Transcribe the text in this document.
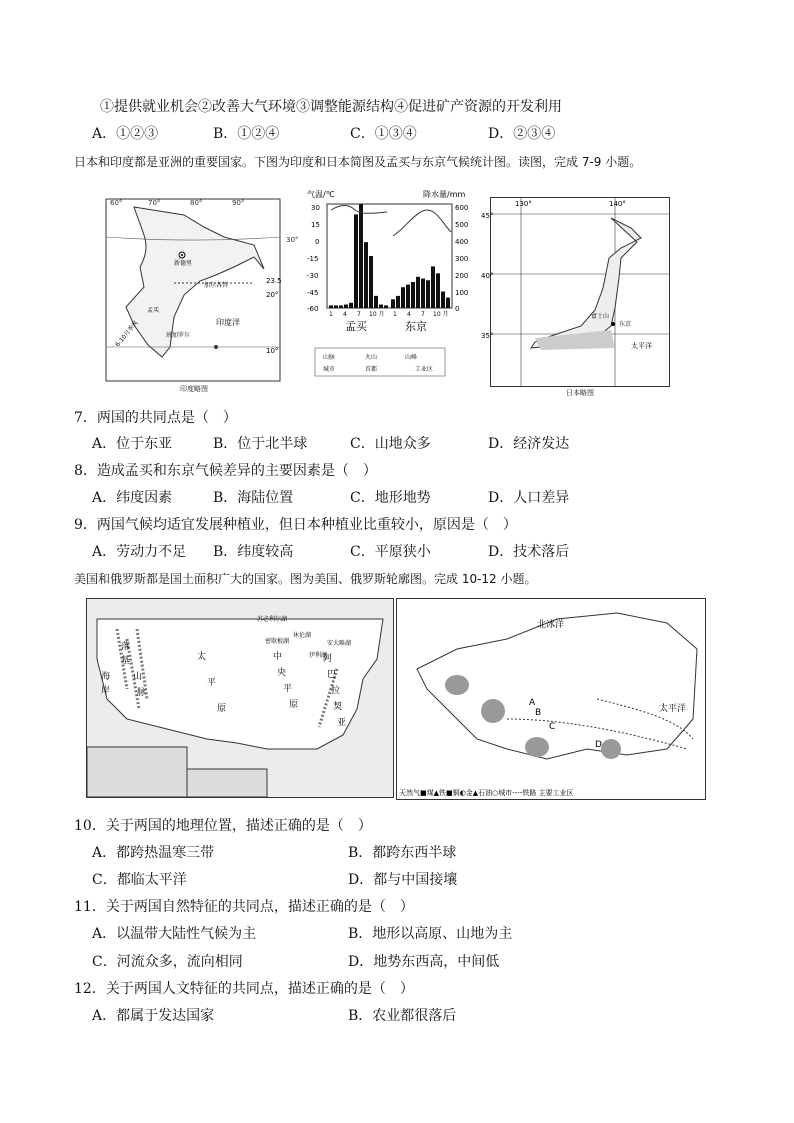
①提供就业机会②改善大气环境③调整能源结构④促进矿产资源的开发利用
A．①②③	B．①②④	C．①③④	D．②③④
日本和印度都是亚洲的重要国家。下图为印度和日本简图及孟买与东京气候统计图。读图，完成 7-9 小题。
60°	70°	80°	90°
30°
新德里
加尔各答
孟买
班加罗尔
印度洋
6-10月季风
23.5
20°
10°
印度略图
气温/℃	降水量/mm
30
15
0
-15
-30
-45
-60
600
500
400
300
200
100
0
1 4 7 10 月 1 4 7 10 月
孟买	东京
山脉	火山	山峰
城市	首都	工业区
130°	140°
45°
40°
35°
富士山
东京
太平洋
日本略图
7．两国的共同点是（　）
A．位于东亚	B．位于北半球	C．山地众多	D．经济发达
8．造成孟买和东京气候差异的主要因素是（　）
A．纬度因素	B．海陆位置	C．地形地势	D．人口差异
9．两国气候均适宜发展种植业，但日本种植业比重较小，原因是（　）
A．劳动力不足 B．纬度较高	C．平原狭小	D．技术落后
美国和俄罗斯都是国土面积广大的国家。图为美国、俄罗斯轮廓图。完成 10-12 小题。
落
基
山
脉
太
平
原
中
央
平
原
阿
巴
拉
契
亚
海
岸
苏必利尔湖
休伦湖
伊利湖
安大略湖
密歇根湖
北冰洋
太平洋
B
C
D
A
天然气■煤▲铁■铜◐金▲石油○城市----铁路 主要工业区
10．关于两国的地理位置，描述正确的是（　）
A．都跨热温寒三带	B．都跨东西半球
C．都临太平洋	D．都与中国接壤
11．关于两国自然特征的共同点，描述正确的是（　）
A．以温带大陆性气候为主	B．地形以高原、山地为主
C．河流众多，流向相同	D．地势东西高，中间低
12．关于两国人文特征的共同点，描述正确的是（　）
A．都属于发达国家	B．农业都很落后
